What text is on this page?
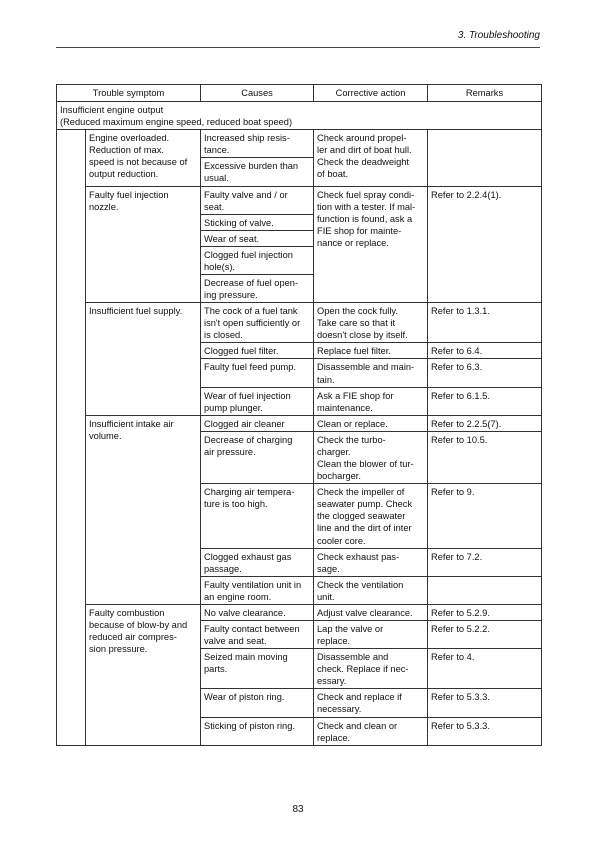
3. Troubleshooting
Trouble symptom		Causes	Corrective action	Remarks
Insufficient engine output
(Reduced maximum engine speed, reduced boat speed)				
	Engine overloaded.
Reduction of max.
speed is not because of
output reduction.	Increased ship resis-
tance.	Check around propel-
ler and dirt of boat hull.
Check the deadweight
of boat.	
		Excessive burden than
usual.		
	Faulty fuel injection
nozzle.	Faulty valve and / or
seat.	Check fuel spray condi-
tion with a tester. If mal-
function is found, ask a
FIE shop for mainte-
nance or replace.	Refer to 2.2.4(1).
		Sticking of valve.		
		Wear of seat.		
		Clogged fuel injection
hole(s).		
		Decrease of fuel open-
ing pressure.		
	Insufficient fuel supply.	The cock of a fuel tank
isn't open sufficiently or
is closed.	Open the cock fully.
Take care so that it
doesn't close by itself.	Refer to 1.3.1.
		Clogged fuel filter.	Replace fuel filter.	Refer to 6.4.
		Faulty fuel feed pump.	Disassemble and main-
tain.	Refer to 6.3.
		Wear of fuel injection
pump plunger.	Ask a FIE shop for
maintenance.	Refer to 6.1.5.
	Insufficient intake air
volume.	Clogged air cleaner	Clean or replace.	Refer to 2.2.5(7).
		Decrease of charging
air pressure.	Check the turbo-
charger.
Clean the blower of tur-
bocharger.	Refer to 10.5.
		Charging air tempera-
ture is too high.	Check the impeller of
seawater pump. Check
the clogged seawater
line and the dirt of inter
cooler core.	Refer to 9.
		Clogged exhaust gas
passage.	Check exhaust pas-
sage.	Refer to 7.2.
		Faulty ventilation unit in
an engine room.	Check the ventilation
unit.	
	Faulty combustion
because of blow-by and
reduced air compres-
sion pressure.	No valve clearance.	Adjust valve clearance.	Refer to 5.2.9.
		Faulty contact between
valve and seat.	Lap the valve or
replace.	Refer to 5.2.2.
		Seized main moving
parts.	Disassemble and
check. Replace if nec-
essary.	Refer to 4.
		Wear of piston ring.	Check and replace if
necessary.	Refer to 5.3.3.
		Sticking of piston ring.	Check and clean or
replace.	Refer to 5.3.3.
83
